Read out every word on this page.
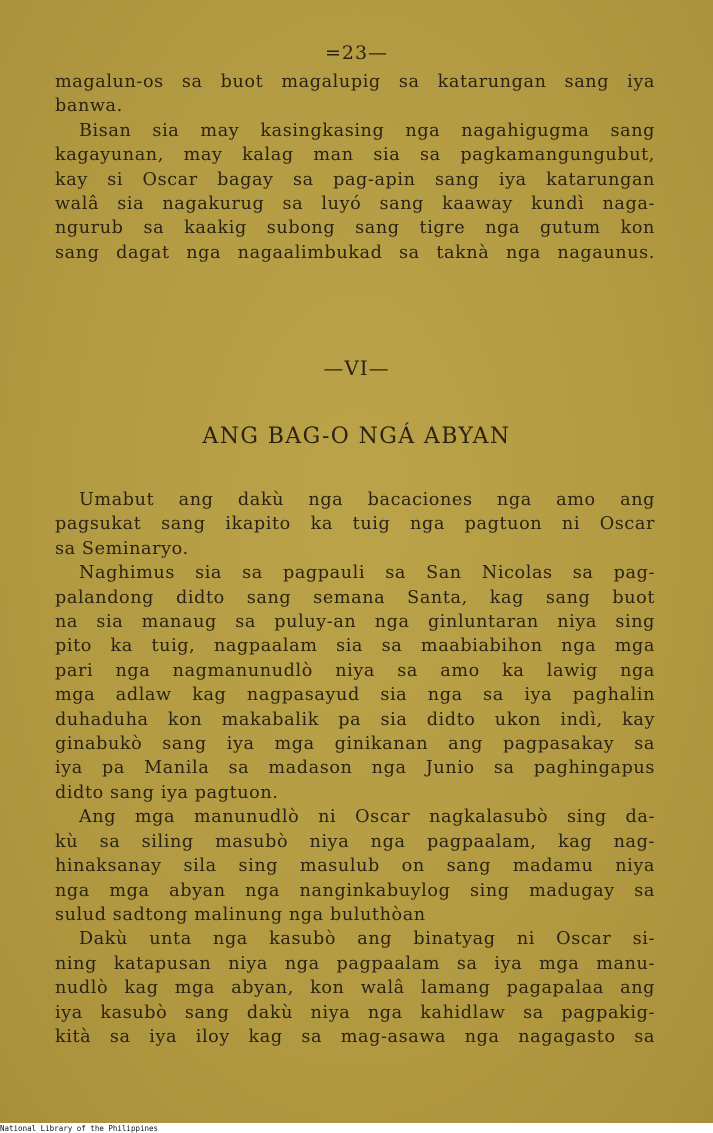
=23—
magalun-os sa buot magalupig sa katarungan sang iya
banwa.
Bisan sia may kasingkasing nga nagahigugma sang
kagayunan, may kalag man sia sa pagkamangungubut,
kay si Oscar bagay sa pag-apin sang iya katarungan
walâ sia nagakurug sa luyó sang kaaway kundì naga-
ngurub sa kaakig subong sang tigre nga gutum kon
sang dagat nga nagaalimbukad sa taknà nga nagaunus.
—VI—
ANG BAG-O NGÁ ABYAN
Umabut ang dakù nga bacaciones nga amo ang
pagsukat sang ikapito ka tuig nga pagtuon ni Oscar
sa Seminaryo.
Naghimus sia sa pagpauli sa San Nicolas sa pag-
palandong didto sang semana Santa, kag sang buot
na sia manaug sa puluy-an nga ginluntaran niya sing
pito ka tuig, nagpaalam sia sa maabiabihon nga mga
pari nga nagmanunudlò niya sa amo ka lawig nga
mga adlaw kag nagpasayud sia nga sa iya paghalin
duhaduha kon makabalik pa sia didto ukon indì, kay
ginabukò sang iya mga ginikanan ang pagpasakay sa
iya pa Manila sa madason nga Junio sa paghingapus
didto sang iya pagtuon.
Ang mga manunudlò ni Oscar nagkalasubò sing da-
kù sa siling masubò niya nga pagpaalam, kag nag-
hinaksanay sila sing masulub on sang madamu niya
nga mga abyan nga nanginkabuylog sing madugay sa
sulud sadtong malinung nga buluthòan
Dakù unta nga kasubò ang binatyag ni Oscar si-
ning katapusan niya nga pagpaalam sa iya mga manu-
nudlò kag mga abyan, kon walâ lamang pagapalaa ang
iya kasubò sang dakù niya nga kahidlaw sa pagpakig-
kità sa iya iloy kag sa mag-asawa nga nagagasto sa
National Library of the Philippines
